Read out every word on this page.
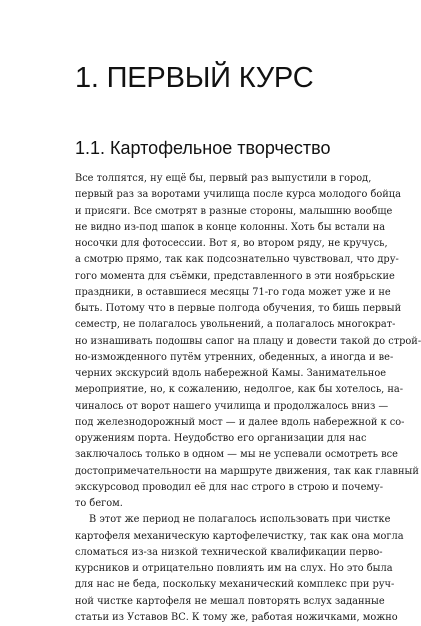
1. ПЕРВЫЙ КУРС
1.1. Картофельное творчество
Все толпятся, ну ещё бы, первый раз выпустили в город,
первый раз за воротами училища после курса молодого бойца
и присяги. Все смотрят в разные стороны, малышню вообще
не видно из-под шапок в конце колонны. Хоть бы встали на
носочки для фотосессии. Вот я, во втором ряду, не кручусь,
а смотрю прямо, так как подсознательно чувствовал, что дру-
гого момента для съёмки, представленного в эти ноябрьские
праздники, в оставшиеся месяцы 71-го года может уже и не
быть. Потому что в первые полгода обучения, то бишь первый
семестр, не полагалось увольнений, а полагалось многократ-
но изнашивать подошвы сапог на плацу и довести такой до строй-
но-изможденного путём утренних, обеденных, а иногда и ве-
черних экскурсий вдоль набережной Камы. Занимательное
мероприятие, но, к сожалению, недолгое, как бы хотелось, на-
чиналось от ворот нашего училища и продолжалось вниз —
под железнодорожный мост — и далее вдоль набережной к со-
оружениям порта. Неудобство его организации для нас
заключалось только в одном — мы не успевали осмотреть все
достопримечательности на маршруте движения, так как главный
экскурсовод проводил её для нас строго в строю и почему-
то бегом.
В этот же период не полагалось использовать при чистке
картофеля механическую картофелечистку, так как она могла
сломаться из-за низкой технической квалификации перво-
курсников и отрицательно повлиять им на слух. Но это была
для нас не беда, поскольку механический комплекс при руч-
ной чистке картофеля не мешал повторять вслух заданные
статьи из Уставов ВС. К тому же, работая ножичками, можно
